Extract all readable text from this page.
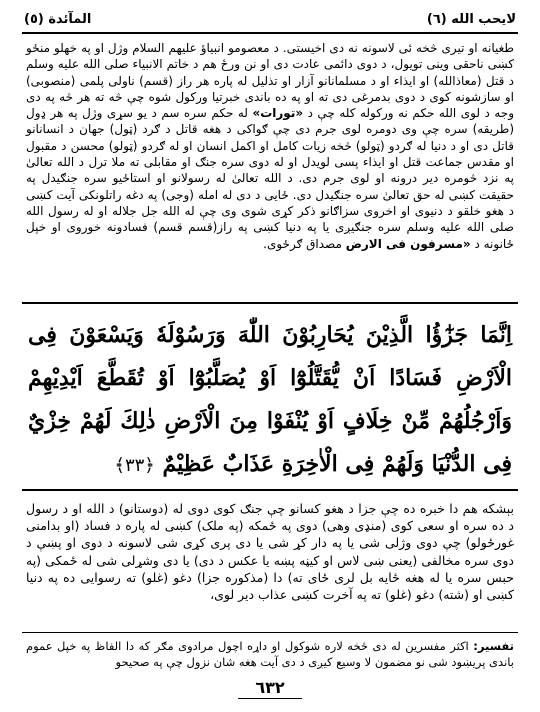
لايحب الله (٦)
المآئدة (٥)

طغيانه او تيرى څخه ئى لاسونه نه دى اخيستى. د معصومو انبياؤ عليهم السلام وژل او په خهلو منځو کښى ناحقى وينى تويول، د دوى دائمى عادت دى او نن ورځ هم د خاتم الانبياء صلى الله عليه وسلم د قتل (معاذالله) او ايذاء او د مسلمانانو آزار او تذليل له پاره هر راز (قسم) ناولى پلمى (منصوبى) او سازشونه کوى د دوى بدمرغى دى ته او په ده باندى خبرتيا ورکول شوه چې څه ته هر څه په دى وجه د لوى الله حکم نه ورکوله کله چې د «تورات» له حکم سره سم د يو سړى وژل په هر ډول (طريقه) سره چې وى دومره لوى جرم دى چې ګواکى د هغه قاتل د ګرد (ټول) جهان د انسانانو قاتل دى او د دنيا له ګردو (ټولو) څخه زيات کامل او اکمل انسان او له ګردو (ټولو) محسن د مقبول او مقدس جماعت قتل او ايذاء پسى لويدل او له دوى سره جنګ او مقابلى ته ملا ترل د الله تعالىٰ په نزد څومره دير درونه او لوى جرم دى. د الله تعالىٰ له رسولانو او استاځيو سره جنګيدل په حقيقت کښى له حق تعالىٰ سره جنګيدل دى. ځايى د دى له امله (وجى) په دغه راتلونکى آيت کښى د هغو خلقو د دنيوى او اخروى سزاګانو ذکر کړى شوى وى چې له الله جل جلاله او له رسول الله صلى الله عليه وسلم سره جنګيږى يا په دنيا کښى په راز(قسم قسم) فسادونه خوروى او خپل ځانونه د «مسرفون فى الارض مصداق ګرځوى.

اِنَّمَا جَزٰٓؤُا الَّذِيْنَ يُحَارِبُوْنَ اللّٰهَ وَرَسُوْلَهٗ وَيَسْعَوْنَ فِى الْاَرْضِ فَسَادًا اَنْ يُّقَتَّلُوْٓا اَوْ يُصَلَّبُوْٓا اَوْ تُقَطَّعَ اَيْدِيْهِمْ وَاَرْجُلُهُمْ مِّنْ خِلَافٍ اَوْ يُنْفَوْا مِنَ الْاَرْضِ ذٰلِكَ لَهُمْ خِزْيٌ فِى الدُّنْيَا وَلَهُمْ فِى الْاٰخِرَةِ عَذَابٌ عَظِيْمٌ ﴿٣٣﴾

بېشکه هم دا خبره ده چې جزا د هغو کسانو چې جنګ کوى دوى له (دوستانو) د الله او د رسول د ده سره او سعى کوى (منډى وهى) دوى په ځمکه (په ملک) کښى له پاره د فساد (او بدامنى غورځولو) چې دوى وژلى شى يا په دار کړ شى يا دى پرى کړى شى لاسونه د دوى او پښې د دوى سره مخالفى (يعنى ښى لاس او کيڼه پښه يا عکس د دى) يا دى وشړلى شى له ځمکى (په حبس سره يا له هغه ځايه بل لرى ځاى ته) دا (مذکوره جزا) دغو (غلو) ته رسوايى ده په دنيا کښى او (شته) دغو (غلو) ته په آخرت کښى عذاب دير لوى،

تفسير: اکثر مفسرين له دى څخه لاره شوکول او داړه اچول مرادوى مګر که دا الفاظ په خپل عموم باندى پريښود شى نو مضمون لا وسيع کيږى د دى آيت هغه شان نزول چې په صحيحو

٦٣٢
